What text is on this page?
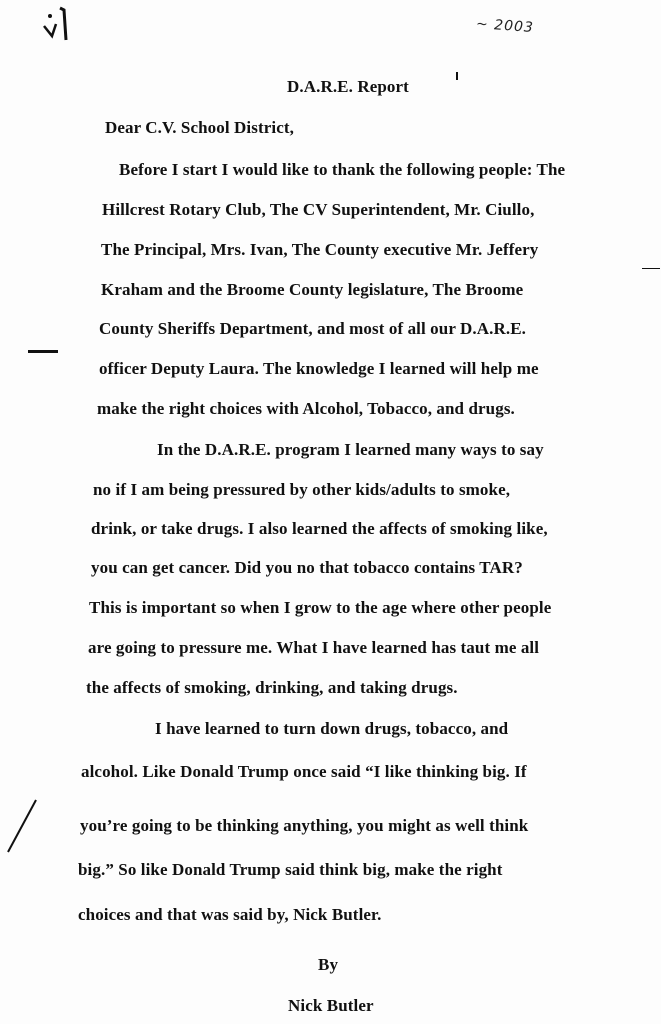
~ 2003
D.A.R.E. Report
Dear C.V. School District,
Before I start I would like to thank the following people: The
Hillcrest Rotary Club, The CV Superintendent, Mr. Ciullo,
The Principal, Mrs. Ivan, The County executive Mr. Jeffery
Kraham and the Broome County legislature, The Broome
County Sheriffs Department, and most of all our D.A.R.E.
officer Deputy Laura. The knowledge I learned will help me
make the right choices with Alcohol, Tobacco, and drugs.
In the D.A.R.E. program I learned many ways to say
no if I am being pressured by other kids/adults to smoke,
drink, or take drugs. I also learned the affects of smoking like,
you can get cancer. Did you no that tobacco contains TAR?
This is important so when I grow to the age where other people
are going to pressure me. What I have learned has taut me all
the affects of smoking, drinking, and taking drugs.
I have learned to turn down drugs, tobacco, and
alcohol. Like Donald Trump once said “I like thinking big. If
you’re going to be thinking anything, you might as well think
big.” So like Donald Trump said think big, make the right
choices and that was said by, Nick Butler.
By
Nick Butler
